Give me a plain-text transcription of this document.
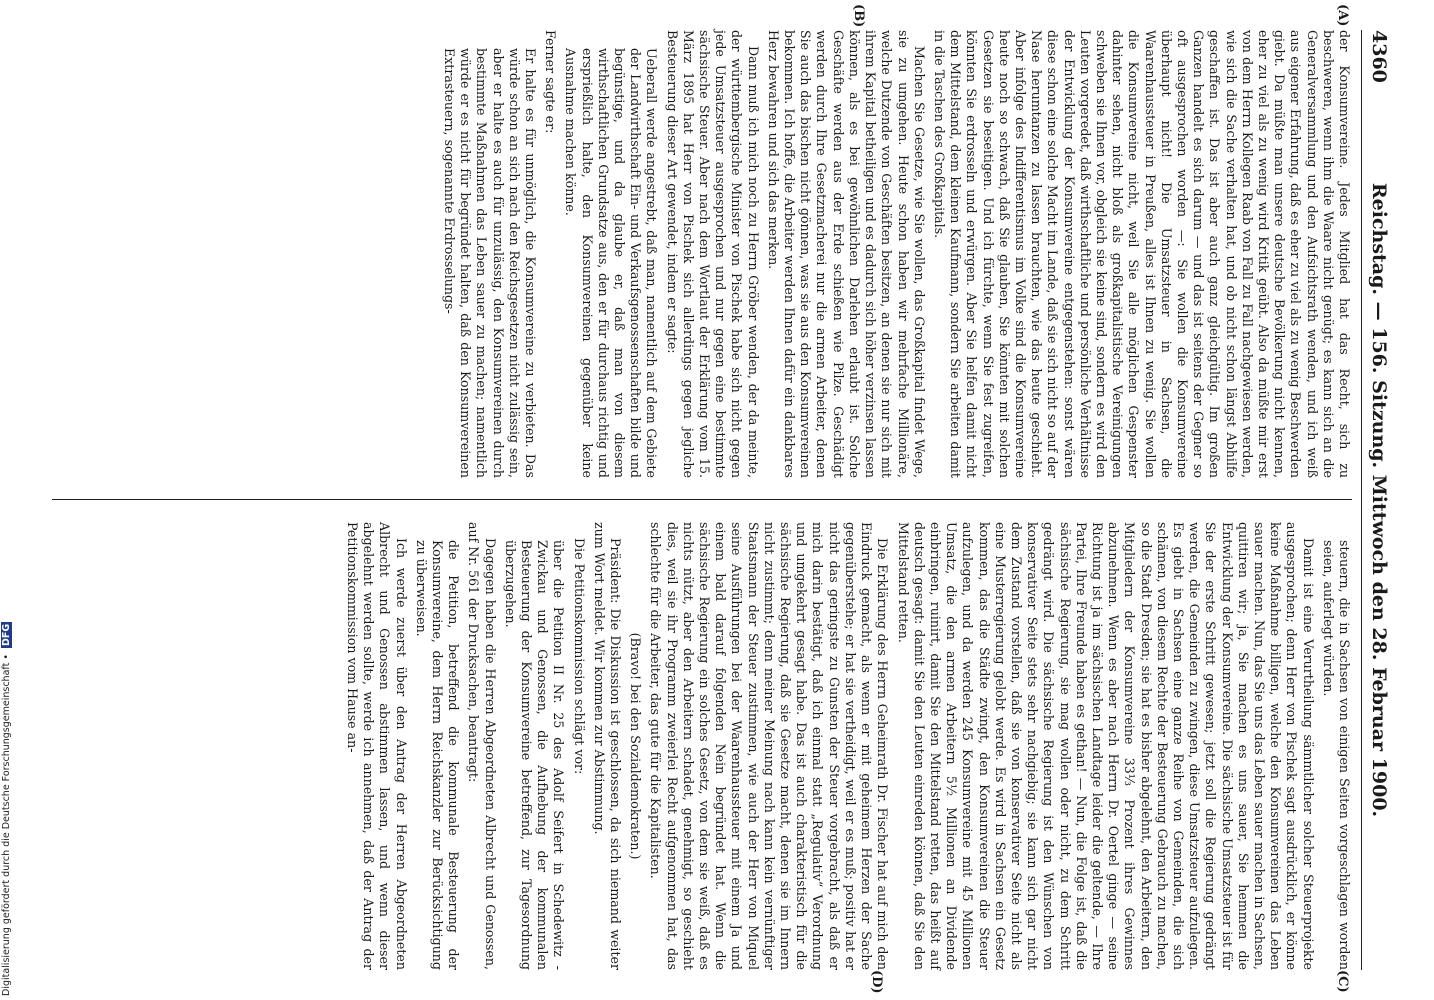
4360
Reichstag. — 156. Sitzung. Mittwoch den 28. Februar 1900.
(A)
(B)
(C)
(D)

der Konsumvereine. Jedes Mitglied hat das Recht, sich zu beschweren, wenn ihm die Waare nicht genügt; es kann sich an die Generalversammlung und den Aufsichtsrath wenden, und ich weiß aus eigener Erfahrung, daß es eher zu viel als zu wenig Beschwerden giebt. Da müßte man unsere deutsche Bevölkerung nicht kennen, eher zu viel als zu wenig wird Kritik geübt. Also da müßte mir erst von dem Herrn Kollegen Raab von Fall zu Fall nachgewiesen werden, wie sich die Sache verhalten hat, und ob nicht schon längst Abhilfe geschaffen ist. Das ist aber auch ganz gleichgültig. Im großen Ganzen handelt es sich darum — und das ist seitens der Gegner so oft ausgesprochen worden —: Sie wollen die Konsumvereine überhaupt nicht! Die Umsatzsteuer in Sachsen, die Waarenhaussteuer in Preußen, alles ist Ihnen zu wenig. Sie wollen die Konsumvereine nicht, weil Sie alle möglichen Gespenster dahinter sehen, nicht bloß als großkapitalistische Vereinigungen schweben sie Ihnen vor, obgleich sie keine sind, sondern es wird den Leuten vorgeredet, daß wirthschaftliche und persönliche Verhältnisse der Entwicklung der Konsumvereine entgegenstehen: sonst wären diese schon eine solche Macht im Lande, daß sie sich nicht so auf der Nase herumtanzen zu lassen brauchten, wie das heute geschieht. Aber infolge des Indifferentismus im Volke sind die Konsumvereine heute noch so schwach, daß Sie glauben, Sie könnten mit solchen Gesetzen sie beseitigen. Und ich fürchte, wenn Sie fest zugreifen, könnten Sie erdrosseln und erwürgen. Aber Sie helfen damit nicht dem Mittelstand, dem kleinen Kaufmann, sondern Sie arbeiten damit in die Taschen des Großkapitals.

Machen Sie Gesetze, wie Sie wollen, das Großkapital findet Wege, sie zu umgehen. Heute schon haben wir mehrfache Millionäre, welche Dutzende von Geschäften besitzen, an denen sie nur sich mit ihrem Kapital betheiligen und es dadurch sich höher verzinsen lassen können, als es bei gewöhnlichen Darlehen erlaubt ist. Solche Geschäfte werden aus der Erde schießen wie Pilze. Geschädigt werden durch Ihre Gesetzmacherei nur die armen Arbeiter, denen Sie auch das bischen nicht gönnen, was sie aus den Konsumvereinen bekommen. Ich hoffe, die Arbeiter werden Ihnen dafür ein dankbares Herz bewahren und sich das merken.

Dann muß ich mich noch zu Herrn Gröber wenden, der da meinte, der württembergische Minister von Pischek habe sich nicht gegen jede Umsatzsteuer ausgesprochen und nur gegen eine bestimmte sächsische Steuer. Aber nach dem Wortlaut der Erklärung vom 15. März 1895 hat Herr von Pischek sich allerdings gegen jegliche Besteuerung dieser Art gewendet, indem er sagte:

Ueberall werde angestrebt, daß man, namentlich auf dem Gebiete der Landwirthschaft Ein- und Verkaufsgenossenschaften bilde und begünstige, und da glaube er, daß man von diesem wirthschaftlichen Grundsatze aus, den er für durchaus richtig und ersprießlich halte, den Konsumvereinen gegenüber keine Ausnahme machen könne.

Ferner sagte er:

Er halte es für unmöglich, die Konsumvereine zu verbieten. Das würde schon an sich nach den Reichsgesetzen nicht zulässig sein, aber er halte es auch für unzulässig, den Konsumvereinen durch bestimmte Maßnahmen das Leben sauer zu machen; namentlich würde er es nicht für begründet halten, daß den Konsumvereinen Extrasteuern, sogenannte Erdrosselungs-

steuern, die in Sachsen von einigen Seiten vorgeschlagen worden seien, auferlegt würden.

Damit ist eine Verurtheilung sämmtlicher solcher Steuerprojekte ausgesprochen; denn Herr von Pischek sagt ausdrücklich, er könne keine Maßnahme billigen, welche den Konsumvereinen das Leben sauer machen. Nun, das Sie uns das Leben sauer machen in Sachsen, quittiren wir; ja, Sie machen es uns sauer, Sie hemmen die Entwicklung der Konsumvereine. Die sächsische Umsatzsteuer ist für Sie der erste Schritt gewesen; jetzt soll die Regierung gedrängt werden, die Gemeinden zu zwingen, diese Umsatzsteuer aufzulegen. Es giebt in Sachsen eine ganze Reihe von Gemeinden, die sich schämen, von diesem Rechte der Besteuerung Gebrauch zu machen, so die Stadt Dresden; sie hat es bisher abgelehnt, den Arbeitern, den Mitgliedern der Konsumvereine 33⅓ Prozent ihres Gewinnes abzunehmen. Wenn es aber nach Herrn Dr. Oertel ginge — seine Richtung ist ja im sächsischen Landtage leider die geltende, — Ihre Partei, Ihre Freunde haben es gethan! — Nun, die Folge ist, daß die sächsische Regierung, sie mag wollen oder nicht, zu dem Schritt gedrängt wird. Die sächsische Regierung ist den Wünschen von konservativer Seite stets sehr nachgiebig; sie kann sich gar nicht dem Zustand vorstellen, daß sie von konservativer Seite nicht als eine Musterregierung gelobt werde. Es wird in Sachsen ein Gesetz kommen, das die Städte zwingt, den Konsumvereinen die Steuer aufzulegen, und da werden 245 Konsumvereine mit 45 Millionen Umsatz, die den armen Arbeitern 5½ Millionen an Dividende einbringen, ruinirt, damit Sie den Mittelstand retten, das heißt auf deutsch gesagt: damit Sie den Leuten einreden können, daß Sie den Mittelstand retten.

Die Erklärung des Herrn Geheimrath Dr. Fischer hat auf mich den Eindruck gemacht, als wenn er mit geheimem Herzen der Sache gegenüberstehe; er hat sie vertheidigt, weil er es muß; positiv hat er nicht das geringste zu Gunsten der Steuer vorgebracht, als daß er mich darin bestätigt, daß ich einmal statt „Regulativ“ Verordnung und umgekehrt gesagt habe. Das ist auch charakteristisch für die sächsische Regierung, daß sie Gesetze macht, denen sie im Innern nicht zustimmt; denn meiner Meinung nach kann kein vernünftiger Staatsmann der Steuer zustimmen, wie auch der Herr von Miquel seine Ausführungen bei der Waarenhaussteuer mit einem Ja und einem bald darauf folgenden Nein begründet hat. Wenn die sächsische Regierung ein solches Gesetz, von dem sie weiß, daß es nichts nützt, aber den Arbeitern schadet, genehmigt, so geschieht dies, weil sie ihr Programm zweierlei Recht aufgenommen hat, das schlechte für die Arbeiter, das gute für die Kapitalisten.

(Bravo! bei den Sozialdemokraten.)

Präsident: Die Diskussion ist geschlossen, da sich niemand weiter zum Wort meldet. Wir kommen zur Abstimmung.

Die Petitionskommission schlägt vor:

über die Petition II Nr. 25 des Adolf Seifert in Schedewitz - Zwickau und Genossen, die Aufhebung der kommunalen Besteuerung der Konsumvereine betreffend, zur Tagesordnung überzugehen.

Dagegen haben die Herren Abgeordneten Albrecht und Genossen, auf Nr. 561 der Drucksachen, beantragt:

die Petition, betreffend die kommunale Besteuerung der Konsumvereine, dem Herrn Reichskanzler zur Berücksichtigung zu überweisen.

Ich werde zuerst über den Antrag der Herren Abgeordneten Albrecht und Genossen abstimmen lassen, und wenn dieser abgelehnt werden sollte, werde ich annehmen, daß der Antrag der Petitionskommission vom Hause an-

Digitalisierung gefördert durch die Deutsche Forschungsgemeinschaft • DFG
